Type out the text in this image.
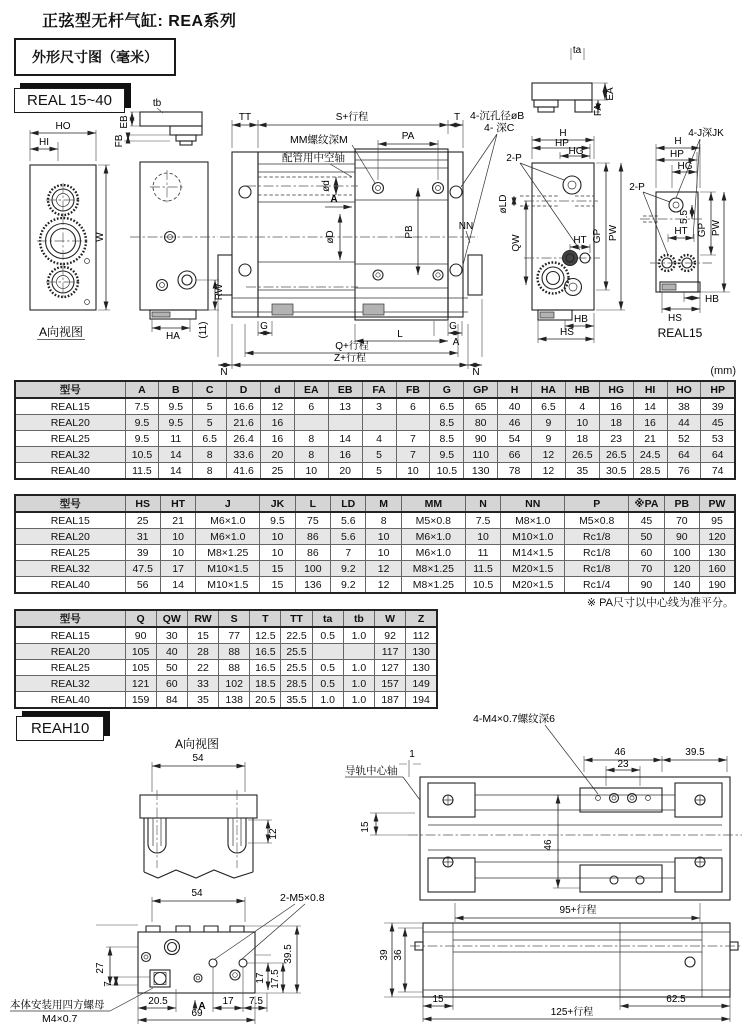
正弦型无杆气缸: REA系列
外形尺寸图（毫米）
REAL 15~40
HO
HI
W
A向视图
tb
EB
FB
RW
HA (11)
TT	S+行程	T
PA
MM螺纹深M
配管用中空轴
A
ød
øD	PB	NN
G	G
L
A
Q+行程
Z+行程
N	N
ta
EA
FA
4-沉孔径øB
4- 深C	H
HP
HG
2-P
øLD
QW	HT GP PW
HB
HS
4-J深JK
H
HP
HG
2-P
5.5
GP PW
HT
HB
HS
REAL15
(mm)
型号	A	B	C	D	d	EA	EB	FA	FB	G	GP	H	HA	HB	HG	HI	HO	HP
REAL15	7.5	9.5	5	16.6	12	6	13	3	6	6.5	65	40	6.5	4	16	14	38	39
REAL20	9.5	9.5	5	21.6	16					8.5	80	46	9	10	18	16	44	45
REAL25	9.5	11	6.5	26.4	16	8	14	4	7	8.5	90	54	9	18	23	21	52	53
REAL32	10.5	14	8	33.6	20	8	16	5	7	9.5	110	66	12	26.5	26.5	24.5	64	64
REAL40	11.5	14	8	41.6	25	10	20	5	10	10.5	130	78	12	35	30.5	28.5	76	74
型号	HS	HT	J	JK	L	LD	M	MM	N	NN	P	※PA	PB	PW
REAL15	25	21	M6×1.0	9.5	75	5.6	8	M5×0.8	7.5	M8×1.0	M5×0.8	45	70	95
REAL20	31	10	M6×1.0	10	86	5.6	10	M6×1.0	10	M10×1.0	Rc1/8	50	90	120
REAL25	39	10	M8×1.25	10	86	7	10	M6×1.0	11	M14×1.5	Rc1/8	60	100	130
REAL32	47.5	17	M10×1.5	15	100	9.2	12	M8×1.25	11.5	M20×1.5	Rc1/8	70	120	160
REAL40	56	14	M10×1.5	15	136	9.2	12	M8×1.25	10.5	M20×1.5	Rc1/4	90	140	190
※ PA尺寸以中心线为准平分。
型号	Q	QW	RW	S	T	TT	ta	tb	W	Z
REAL15	90	30	15	77	12.5	22.5	0.5	1.0	92	112
REAL20	105	40	28	88	16.5	25.5			117	130
REAL25	105	50	22	88	16.5	25.5	0.5	1.0	127	130
REAL32	121	60	33	102	18.5	28.5	0.5	1.0	157	149
REAL40	159	84	35	138	20.5	35.5	1.0	1.0	187	194
REAH10
A向视图
54
12
4-M4×0.7螺纹深6
导轨中心轴
1	46
23
39.5
15
46
95+行程
54	2-M5×0.8
27
7
39.5
17 17.5
20.5	A 17 7.5
69
本体安装用四方螺母
M4×0.7
39 36
15	62.5
125+行程
